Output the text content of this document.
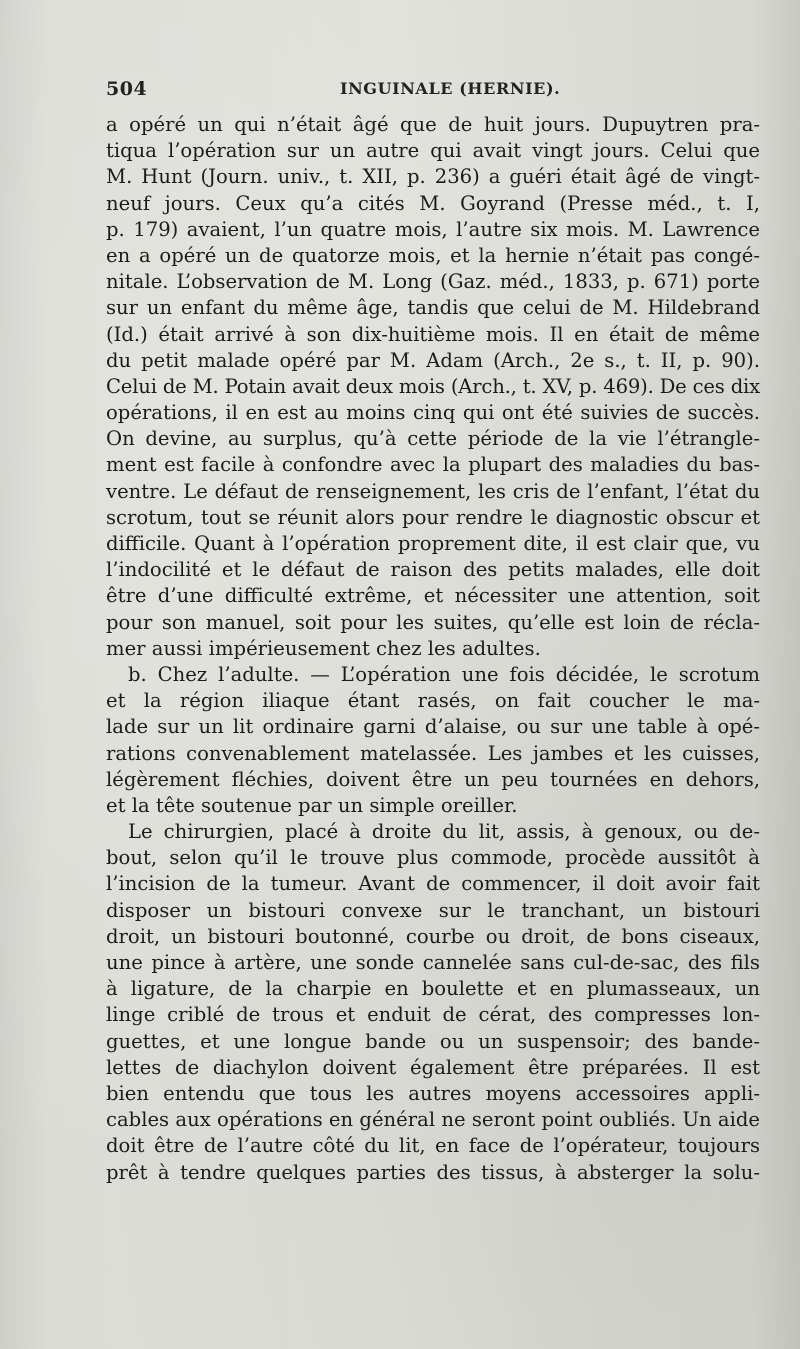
504	INGUINALE (HERNIE).
a opéré un qui n’était âgé que de huit jours. Dupuytren pra-
tiqua l’opération sur un autre qui avait vingt jours. Celui que
M. Hunt (Journ. univ., t. XII, p. 236) a guéri était âgé de vingt-
neuf jours. Ceux qu’a cités M. Goyrand (Presse méd., t. I,
p. 179) avaient, l’un quatre mois, l’autre six mois. M. Lawrence
en a opéré un de quatorze mois, et la hernie n’était pas congé-
nitale. L’observation de M. Long (Gaz. méd., 1833, p. 671) porte
sur un enfant du même âge, tandis que celui de M. Hildebrand
(Id.) était arrivé à son dix-huitième mois. Il en était de même
du petit malade opéré par M. Adam (Arch., 2e s., t. II, p. 90).
Celui de M. Potain avait deux mois (Arch., t. XV, p. 469). De ces dix
opérations, il en est au moins cinq qui ont été suivies de succès.
On devine, au surplus, qu’à cette période de la vie l’étrangle-
ment est facile à confondre avec la plupart des maladies du bas-
ventre. Le défaut de renseignement, les cris de l’enfant, l’état du
scrotum, tout se réunit alors pour rendre le diagnostic obscur et
difficile. Quant à l’opération proprement dite, il est clair que, vu
l’indocilité et le défaut de raison des petits malades, elle doit
être d’une difficulté extrême, et nécessiter une attention, soit
pour son manuel, soit pour les suites, qu’elle est loin de récla-
mer aussi impérieusement chez les adultes.
b. Chez l’adulte. — L’opération une fois décidée, le scrotum
et la région iliaque étant rasés, on fait coucher le ma-
lade sur un lit ordinaire garni d’alaise, ou sur une table à opé-
rations convenablement matelassée. Les jambes et les cuisses,
légèrement fléchies, doivent être un peu tournées en dehors,
et la tête soutenue par un simple oreiller.
Le chirurgien, placé à droite du lit, assis, à genoux, ou de-
bout, selon qu’il le trouve plus commode, procède aussitôt à
l’incision de la tumeur. Avant de commencer, il doit avoir fait
disposer un bistouri convexe sur le tranchant, un bistouri
droit, un bistouri boutonné, courbe ou droit, de bons ciseaux,
une pince à artère, une sonde cannelée sans cul-de-sac, des fils
à ligature, de la charpie en boulette et en plumasseaux, un
linge criblé de trous et enduit de cérat, des compresses lon-
guettes, et une longue bande ou un suspensoir; des bande-
lettes de diachylon doivent également être préparées. Il est
bien entendu que tous les autres moyens accessoires appli-
cables aux opérations en général ne seront point oubliés. Un aide
doit être de l’autre côté du lit, en face de l’opérateur, toujours
prêt à tendre quelques parties des tissus, à absterger la solu-
